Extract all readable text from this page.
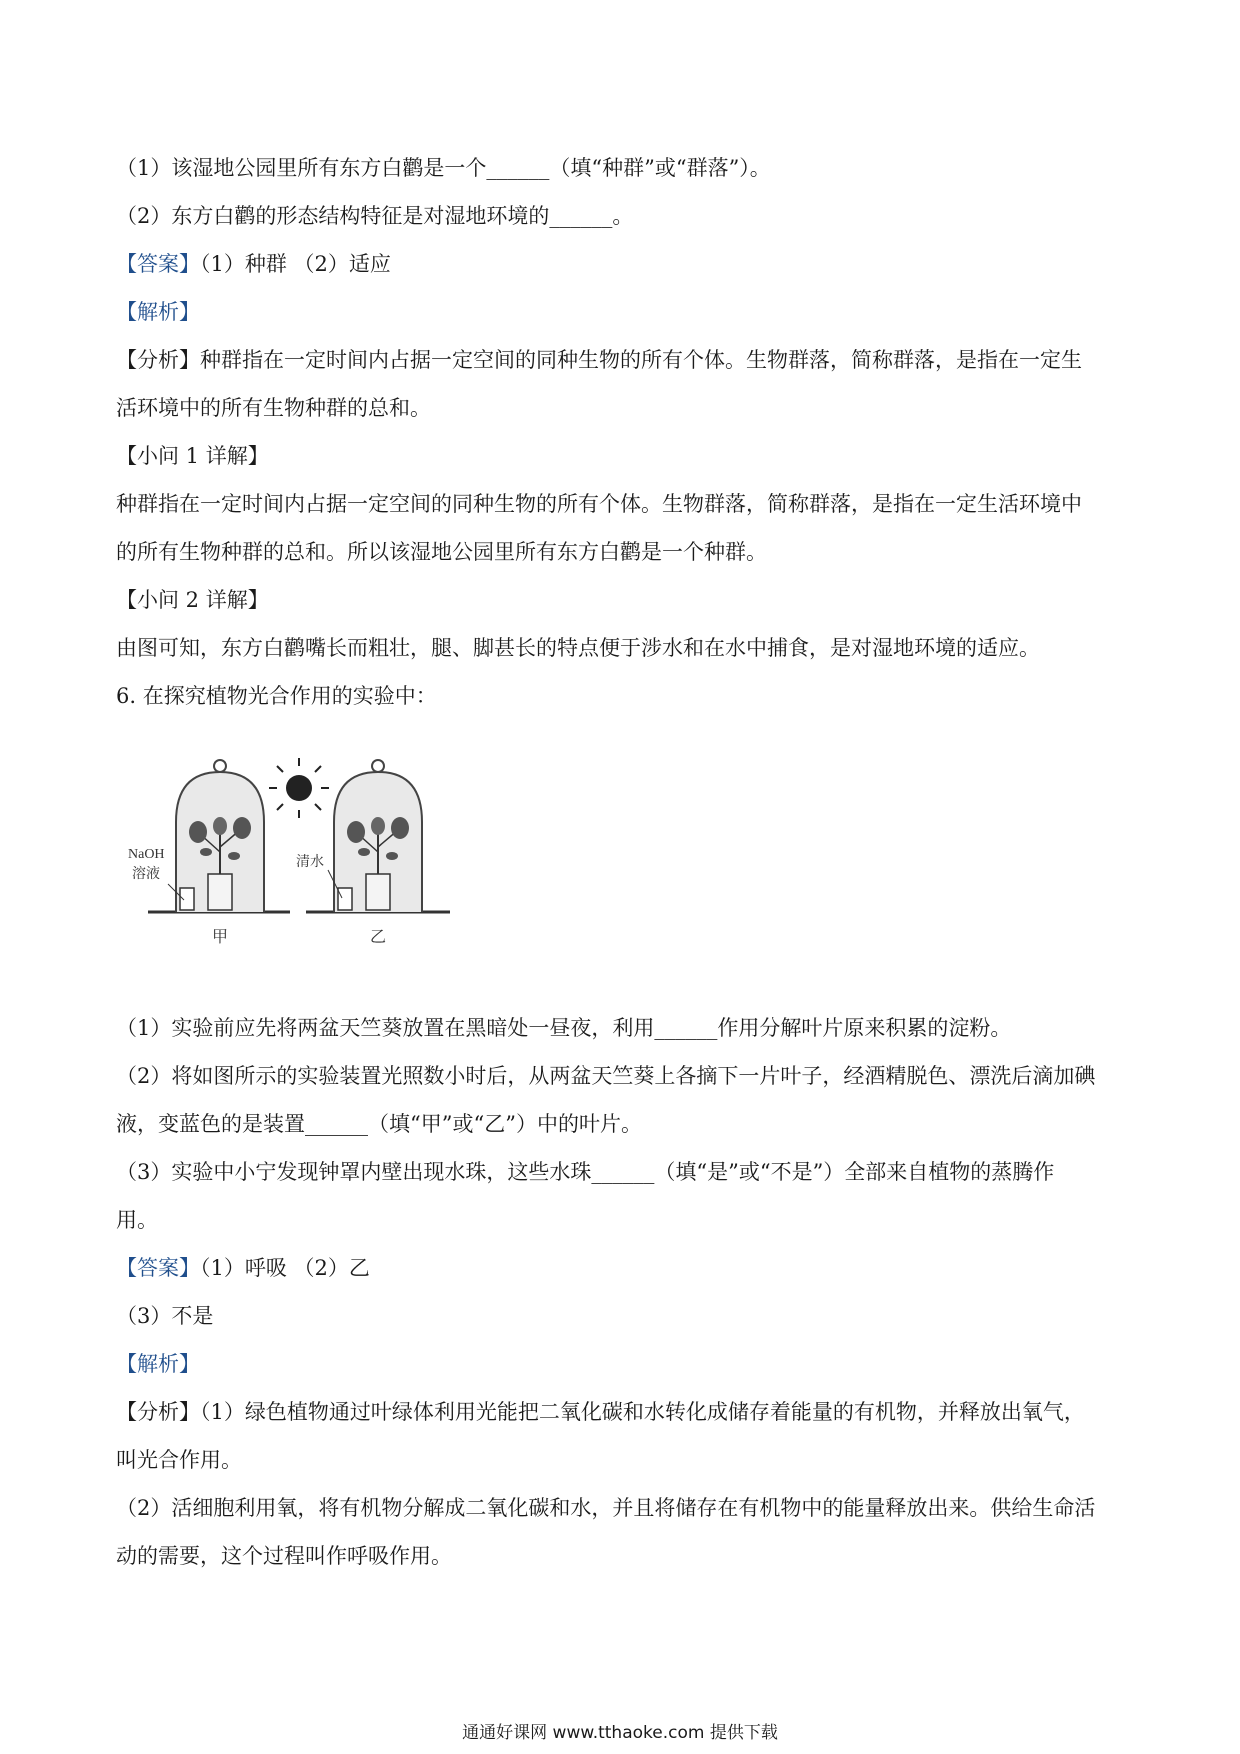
（1）该湿地公园里所有东方白鹳是一个______（填“种群”或“群落”）。
（2）东方白鹳的形态结构特征是对湿地环境的______。
【答案】（1）种群 （2）适应
【解析】
【分析】种群指在一定时间内占据一定空间的同种生物的所有个体。生物群落，简称群落，是指在一定生
活环境中的所有生物种群的总和。
【小问 1 详解】
种群指在一定时间内占据一定空间的同种生物的所有个体。生物群落，简称群落，是指在一定生活环境中
的所有生物种群的总和。所以该湿地公园里所有东方白鹳是一个种群。
【小问 2 详解】
由图可知，东方白鹳嘴长而粗壮，腿、脚甚长的特点便于涉水和在水中捕食，是对湿地环境的适应。
6. 在探究植物光合作用的实验中：
NaOH
溶液
清水
甲	乙
（1）实验前应先将两盆天竺葵放置在黑暗处一昼夜，利用______作用分解叶片原来积累的淀粉。
（2）将如图所示的实验装置光照数小时后，从两盆天竺葵上各摘下一片叶子，经酒精脱色、漂洗后滴加碘
液，变蓝色的是装置______（填“甲”或“乙”）中的叶片。
（3）实验中小宁发现钟罩内壁出现水珠，这些水珠______（填“是”或“不是”）全部来自植物的蒸腾作
用。
【答案】（1）呼吸 （2）乙
（3）不是
【解析】
【分析】（1）绿色植物通过叶绿体利用光能把二氧化碳和水转化成储存着能量的有机物，并释放出氧气，
叫光合作用。
（2）活细胞利用氧，将有机物分解成二氧化碳和水，并且将储存在有机物中的能量释放出来。供给生命活
动的需要，这个过程叫作呼吸作用。
通通好课网 www.tthaoke.com 提供下载
